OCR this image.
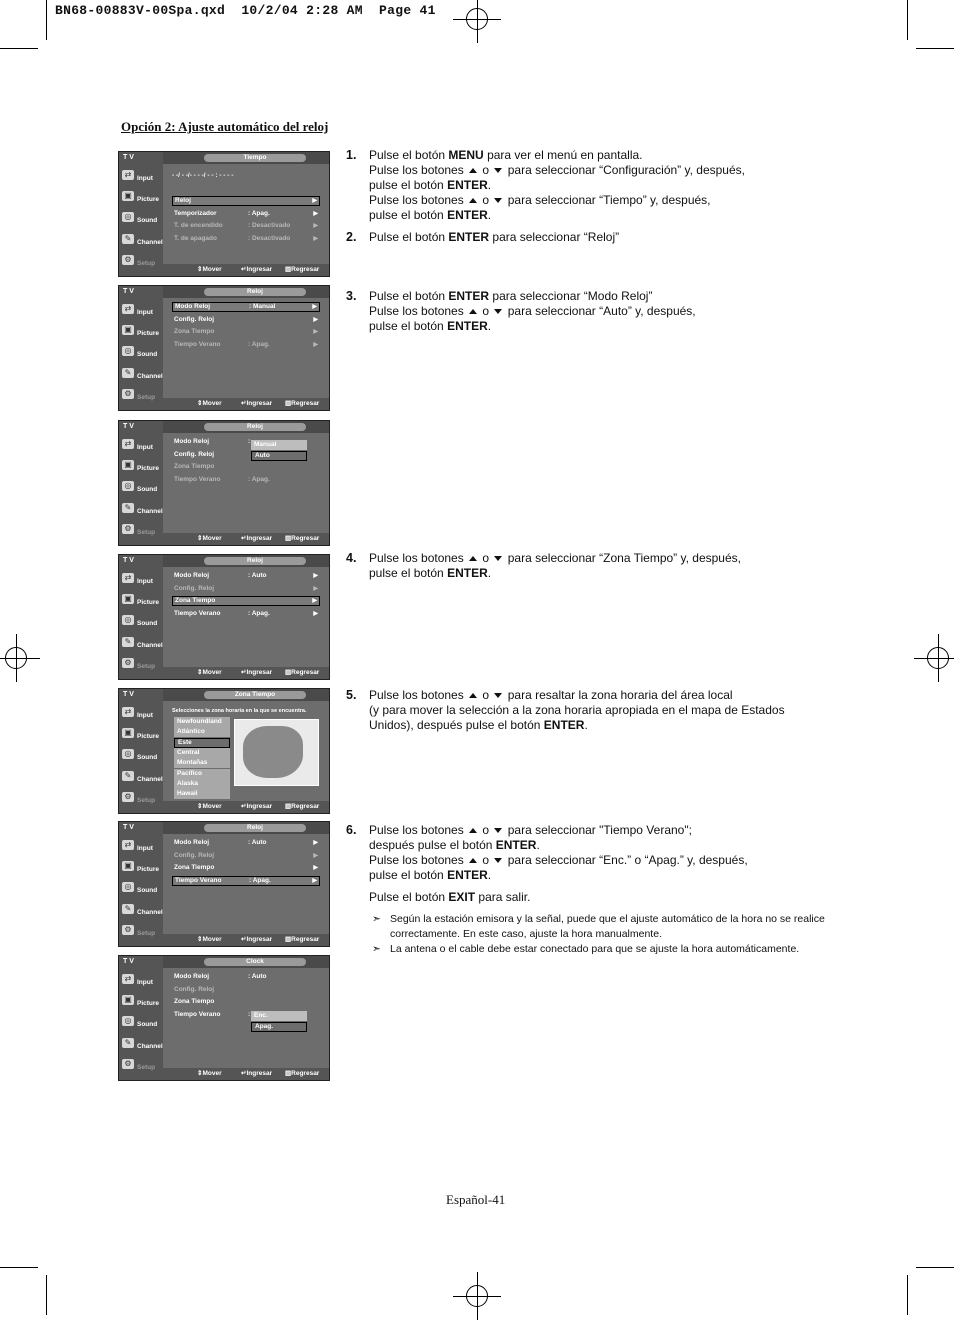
BN68-00883V-00Spa.qxd  10/2/04 2:28 AM  Page 41
Opción 2: Ajuste automático del reloj
T V	Tiempo
⇄ Input
▣ Picture
◎ Sound
✎ Channel
⚙ Setup
- -/ - -/- - - -/ - - : - - - -
Reloj	▶
Temporizador	: Apag.	▶
T. de encendido	: Desactivado	▶
T. de apagado	: Desactivado	▶
⇕Mover	↵Ingresar ▥Regresar
T V	Reloj
⇄ Input
▣ Picture
◎ Sound
✎ Channel
⚙ Setup
Modo Reloj	: Manual	▶
Config. Reloj	▶
Zona Tiempo	▶
Tiempo Verano	: Apag.	▶
⇕Mover	↵Ingresar ▥Regresar
T V	Reloj
⇄ Input
▣ Picture
◎ Sound
✎ Channel
⚙ Setup
Modo Reloj	:
Config. Reloj
Zona Tiempo
Tiempo Verano	: Apag.
Manual
Auto
⇕Mover	↵Ingresar ▥Regresar
T V	Reloj
⇄ Input
▣ Picture
◎ Sound
✎ Channel
⚙ Setup
Modo Reloj	: Auto	▶
Config. Reloj	▶
Zona Tiempo	▶
Tiempo Verano	: Apag.	▶
⇕Mover	↵Ingresar ▥Regresar
T V	Zona Tiempo
⇄ Input
▣ Picture
◎ Sound
✎ Channel
⚙ Setup
Selecciones la zona horaria en la que se encuentra.
Newfoundland
Atlántico
Este
Central
Montañas
Pacífico
Alaska
Hawaii
⇕Mover	↵Ingresar ▥Regresar
T V	Reloj
⇄ Input
▣ Picture
◎ Sound
✎ Channel
⚙ Setup
Modo Reloj	: Auto	▶
Config. Reloj	▶
Zona Tiempo	▶
Tiempo Verano	: Apag.	▶
⇕Mover	↵Ingresar ▥Regresar
T V	Clock
⇄ Input
▣ Picture
◎ Sound
✎ Channel
⚙ Setup
Modo Reloj	: Auto
Config. Reloj
Zona Tiempo
Tiempo Verano	: Enc.
Apag.
⇕Mover	↵Ingresar ▥Regresar
1. Pulse el botón MENU para ver el menú en pantalla.
Pulse los botones  o  para seleccionar “Configuración” y, después,
pulse el botón ENTER.
Pulse los botones  o  para seleccionar “Tiempo” y, después,
pulse el botón ENTER.
2. Pulse el botón ENTER para seleccionar “Reloj”
3. Pulse el botón ENTER para seleccionar “Modo Reloj”
Pulse los botones  o  para seleccionar “Auto” y, después,
pulse el botón ENTER.
4. Pulse los botones  o  para seleccionar “Zona Tiempo” y, después,
pulse el botón ENTER.
5. Pulse los botones  o  para resaltar la zona horaria del área local
(y para mover la selección a la zona horaria apropiada en el mapa de Estados
Unidos), después pulse el botón ENTER.
6. Pulse los botones  o  para seleccionar "Tiempo Verano";
después pulse el botón ENTER.
Pulse los botones  o  para seleccionar “Enc.” o “Apag.” y, después,
pulse el botón ENTER.
Pulse el botón EXIT para salir.
➣ Según la estación emisora y la señal, puede que el ajuste automático de la hora no se realice correctamente. En este caso, ajuste la hora manualmente.
➣ La antena o el cable debe estar conectado para que se ajuste la hora automáticamente.
Español-41
